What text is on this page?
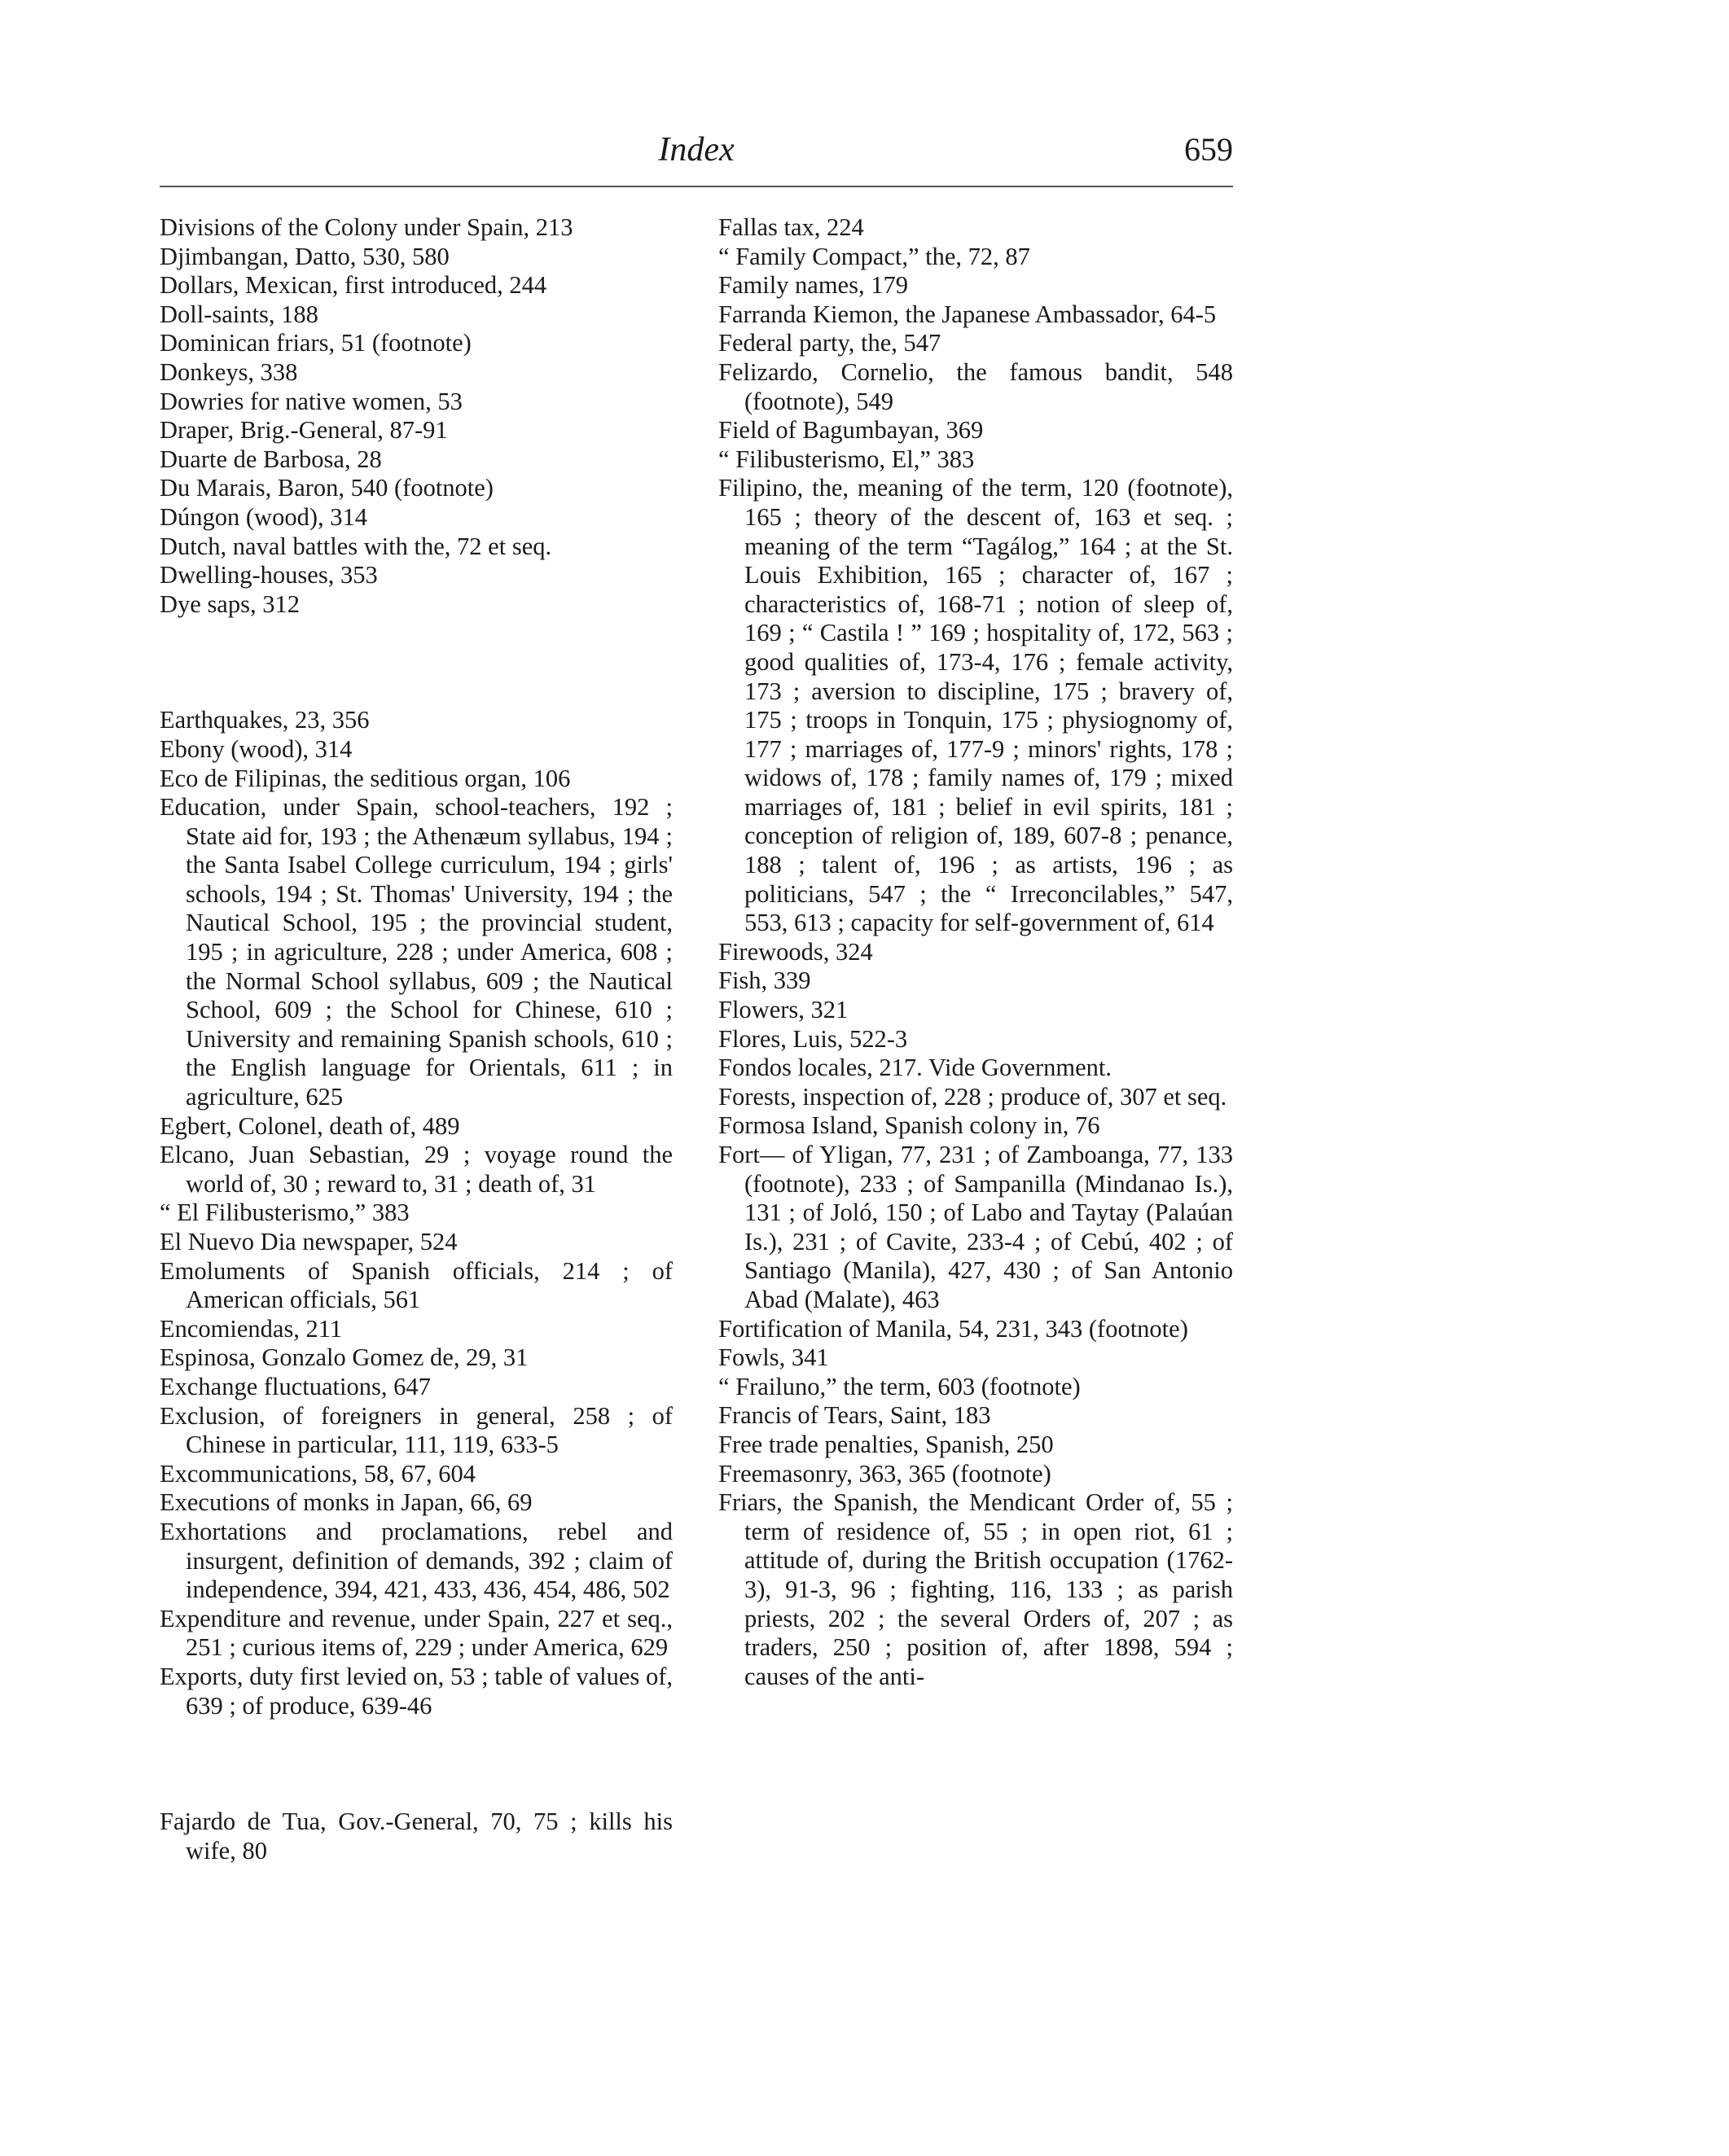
Index	659
Divisions of the Colony under Spain, 213
Djimbangan, Datto, 530, 580
Dollars, Mexican, first introduced, 244
Doll-saints, 188
Dominican friars, 51 (footnote)
Donkeys, 338
Dowries for native women, 53
Draper, Brig.-General, 87-91
Duarte de Barbosa, 28
Du Marais, Baron, 540 (footnote)
Dúngon (wood), 314
Dutch, naval battles with the, 72 et seq.
Dwelling-houses, 353
Dye saps, 312
Earthquakes, 23, 356
Ebony (wood), 314
Eco de Filipinas, the seditious organ, 106
Education, under Spain, school-teachers, 192 ; State aid for, 193 ; the Athenæum syllabus, 194 ; the Santa Isabel College curriculum, 194 ; girls' schools, 194 ; St. Thomas' University, 194 ; the Nautical School, 195 ; the provincial student, 195 ; in agriculture, 228 ; under America, 608 ; the Normal School syllabus, 609 ; the Nautical School, 609 ; the School for Chinese, 610 ; University and remaining Spanish schools, 610 ; the English language for Orientals, 611 ; in agriculture, 625
Egbert, Colonel, death of, 489
Elcano, Juan Sebastian, 29 ; voyage round the world of, 30 ; reward to, 31 ; death of, 31
“ El Filibusterismo,” 383
El Nuevo Dia newspaper, 524
Emoluments of Spanish officials, 214 ; of American officials, 561
Encomiendas, 211
Espinosa, Gonzalo Gomez de, 29, 31
Exchange fluctuations, 647
Exclusion, of foreigners in general, 258 ; of Chinese in particular, 111, 119, 633-5
Excommunications, 58, 67, 604
Executions of monks in Japan, 66, 69
Exhortations and proclamations, rebel and insurgent, definition of demands, 392 ; claim of independence, 394, 421, 433, 436, 454, 486, 502
Expenditure and revenue, under Spain, 227 et seq., 251 ; curious items of, 229 ; under America, 629
Exports, duty first levied on, 53 ; table of values of, 639 ; of produce, 639-46
Fajardo de Tua, Gov.-General, 70, 75 ; kills his wife, 80
Fallas tax, 224
“ Family Compact,” the, 72, 87
Family names, 179
Farranda Kiemon, the Japanese Ambassador, 64-5
Federal party, the, 547
Felizardo, Cornelio, the famous bandit, 548 (footnote), 549
Field of Bagumbayan, 369
“ Filibusterismo, El,” 383
Filipino, the, meaning of the term, 120 (footnote), 165 ; theory of the descent of, 163 et seq. ; meaning of the term “Tagálog,” 164 ; at the St. Louis Exhibition, 165 ; character of, 167 ; characteristics of, 168-71 ; notion of sleep of, 169 ; “ Castila ! ” 169 ; hospitality of, 172, 563 ; good qualities of, 173-4, 176 ; female activity, 173 ; aversion to discipline, 175 ; bravery of, 175 ; troops in Tonquin, 175 ; physiognomy of, 177 ; marriages of, 177-9 ; minors' rights, 178 ; widows of, 178 ; family names of, 179 ; mixed marriages of, 181 ; belief in evil spirits, 181 ; conception of religion of, 189, 607-8 ; penance, 188 ; talent of, 196 ; as artists, 196 ; as politicians, 547 ; the “ Irreconcilables,” 547, 553, 613 ; capacity for self-government of, 614
Firewoods, 324
Fish, 339
Flowers, 321
Flores, Luis, 522-3
Fondos locales, 217. Vide Government.
Forests, inspection of, 228 ; produce of, 307 et seq.
Formosa Island, Spanish colony in, 76
Fort— of Yligan, 77, 231 ; of Zamboanga, 77, 133 (footnote), 233 ; of Sampanilla (Mindanao Is.), 131 ; of Joló, 150 ; of Labo and Taytay (Palaúan Is.), 231 ; of Cavite, 233-4 ; of Cebú, 402 ; of Santiago (Manila), 427, 430 ; of San Antonio Abad (Malate), 463
Fortification of Manila, 54, 231, 343 (footnote)
Fowls, 341
“ Frailuno,” the term, 603 (footnote)
Francis of Tears, Saint, 183
Free trade penalties, Spanish, 250
Freemasonry, 363, 365 (footnote)
Friars, the Spanish, the Mendicant Order of, 55 ; term of residence of, 55 ; in open riot, 61 ; attitude of, during the British occupation (1762-3), 91-3, 96 ; fighting, 116, 133 ; as parish priests, 202 ; the several Orders of, 207 ; as traders, 250 ; position of, after 1898, 594 ; causes of the anti-
